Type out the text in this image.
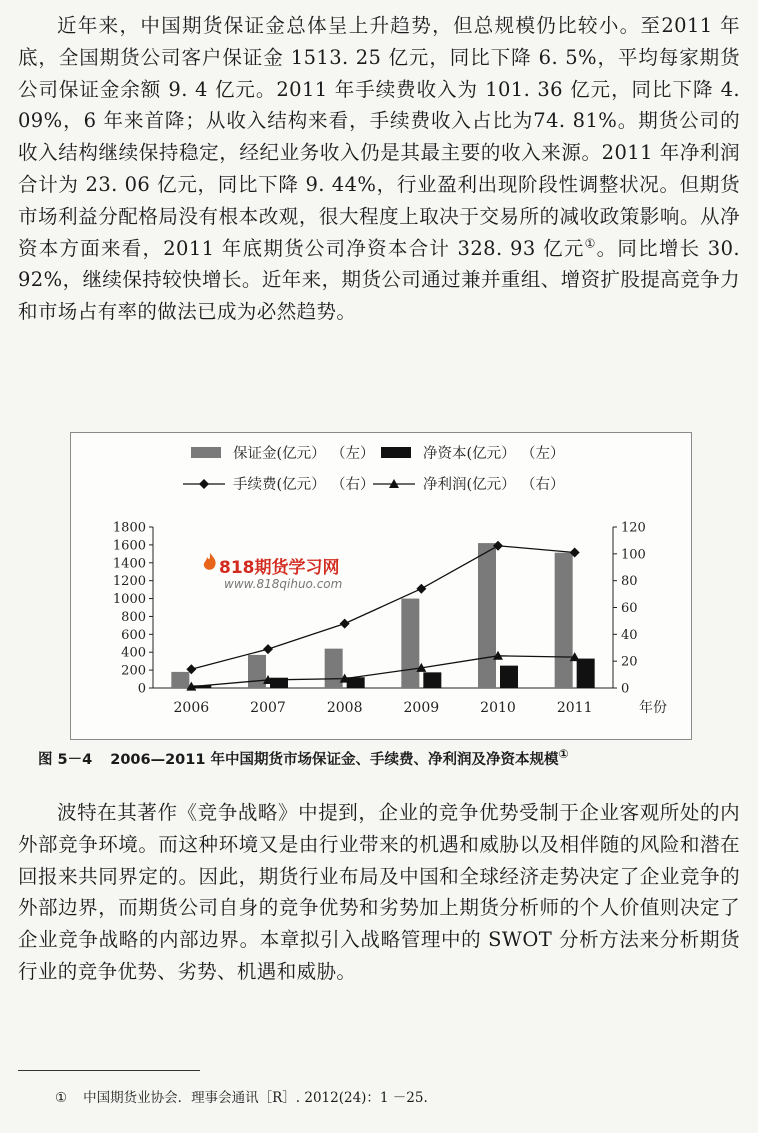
近年来，中国期货保证金总体呈上升趋势，但总规模仍比较小。至2011 年底，全国期货公司客户保证金 1513. 25 亿元，同比下降 6. 5%，平均每家期货公司保证金余额 9. 4 亿元。2011 年手续费收入为 101. 36 亿元，同比下降 4. 09%，6 年来首降；从收入结构来看，手续费收入占比为74. 81%。期货公司的收入结构继续保持稳定，经纪业务收入仍是其最主要的收入来源。2011 年净利润合计为 23. 06 亿元，同比下降 9. 44%，行业盈利出现阶段性调整状况。但期货市场利益分配格局没有根本改观，很大程度上取决于交易所的减收政策影响。从净资本方面来看，2011 年底期货公司净资本合计 328. 93 亿元①。同比增长 30. 92%，继续保持较快增长。近年来，期货公司通过兼并重组、增资扩股提高竞争力和市场占有率的做法已成为必然趋势。
0
200
400
600
800
1000
1200
1400
1600
1800
0
20
40
60
80
100
120
2006	2007	2008	2009	2010	2011	年份
保证金(亿元） （左）	净资本(亿元） （左）
手续费(亿元） （右）	净利润(亿元） （右）
818期货学习网
www.818qihuo.com
图 5－4 2006—2011 年中国期货市场保证金、手续费、净利润及净资本规模①
波特在其著作《竞争战略》中提到，企业的竞争优势受制于企业客观所处的内外部竞争环境。而这种环境又是由行业带来的机遇和威胁以及相伴随的风险和潜在回报来共同界定的。因此，期货行业布局及中国和全球经济走势决定了企业竞争的外部边界，而期货公司自身的竞争优势和劣势加上期货分析师的个人价值则决定了企业竞争战略的内部边界。本章拟引入战略管理中的 SWOT 分析方法来分析期货行业的竞争优势、劣势、机遇和威胁。
① 中国期货业协会．理事会通讯［R］. 2012(24)：1 －25.
